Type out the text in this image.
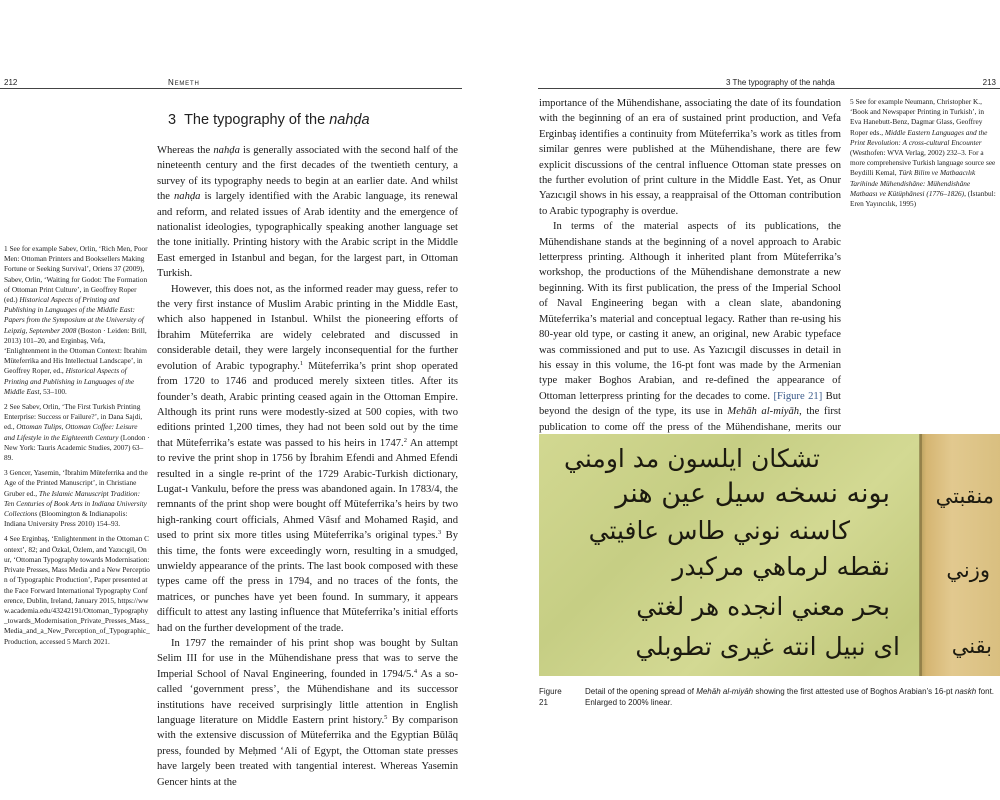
212	Nemeth
3 The typography of the nahḍa

Whereas the nahḍa is generally associated with the second half of the nineteenth century and the first decades of the twentieth century, a survey of its typography needs to begin at an earlier date. And whilst the nahḍa is largely identified with the Arabic language, its renewal and reform, and related issues of Arab identity and the emergence of nationalist ideologies, typographically speaking another language set the tone initially. Printing history with the Arabic script in the Middle East emerged in Istanbul and began, for the largest part, in Ottoman Turkish.

However, this does not, as the informed reader may guess, refer to the very first instance of Muslim Arabic printing in the Middle East, which also happened in Istanbul. Whilst the pioneering efforts of İbrahim Müteferrika are widely celebrated and discussed in considerable detail, they were largely inconsequential for the further evolution of Arabic typography.$^1$ Müteferrika’s print shop operated from 1720 to 1746 and produced merely sixteen titles. After its founder’s death, Arabic printing ceased again in the Ottoman Empire. Although its print runs were modestly-sized at 500 copies, with two editions printed 1,200 times, they had not been sold out by the time that Müteferrika’s estate was passed to his heirs in 1747.$^2$ An attempt to revive the print shop in 1756 by İbrahim Efendi and Ahmed Efendi resulted in a single re-print of the 1729 Arabic-Turkish dictionary, Lugat-ı Vankulu, before the press was abandoned again. In 1783/4, the remnants of the print shop were bought off Müteferrika’s heirs by two high-ranking court officials, Ahmed Vâsıf and Mohamed Raşid, and used to print six more titles using Müteferrika’s original types.$^3$ By this time, the fonts were exceedingly worn, resulting in a smudged, unwieldy appearance of the prints. The last book composed with these types came off the press in 1794, and no traces of the fonts, the matrices, or punches have yet been found. In summary, it appears difficult to attest any lasting influence that Müteferrika’s initial efforts had on the further development of the trade.

In 1797 the remainder of his print shop was bought by Sultan Selim III for use in the Mühendishane press that was to serve the Imperial School of Naval Engineering, founded in 1794/5.$^4$ As a so-called ‘government press’, the Mühendishane and its successor institutions have received surprisingly little attention in English language literature on Middle Eastern print history.$^5$ By comparison with the extensive discussion of Müteferrika and the Egyptian Būlāq press, founded by Meḥmed ‘Ali of Egypt, the Ottoman state presses have largely been treated with tangential interest. Whereas Yasemin Gencer hints at the

1 See for example Sabev, Orlin, ‘Rich Men, Poor Men: Ottoman Printers and Booksellers Making Fortune or Seeking Survival’, Oriens 37 (2009), Sabev, Orlin, ‘Waiting for Godot: The Formation of Ottoman Print Culture’, in Geoffrey Roper (ed.) Historical Aspects of Printing and Publishing in Languages of the Middle East: Papers from the Symposium at the University of Leipzig, September 2008 (Boston · Leiden: Brill, 2013) 101–20, and Erginbaş, Vefa, ‘Enlightenment in the Ottoman Context: İbrahim Müteferrika and His Intellectual Landscape’, in Geoffrey Roper, ed., Historical Aspects of Printing and Publishing in Languages of the Middle East, 53–100.

2 See Sabev, Orlin, ‘The First Turkish Printing Enterprise: Success or Failure?’, in Dana Sajdi, ed., Ottoman Tulips, Ottoman Coffee: Leisure and Lifestyle in the Eighteenth Century (London · New York: Tauris Academic Studies, 2007) 63–89.

3 Gencer, Yasemin, ‘İbrahim Müteferrika and the Age of the Printed Manuscript’, in Christiane Gruber ed., The Islamic Manuscript Tradition: Ten Centuries of Book Arts in Indiana University Collections (Bloomington & Indianapolis: Indiana University Press 2010) 154–93.

4 See Erginbaş, ‘Enlightenment in the Ottoman Context’, 82; and Özkal, Özlem, and Yazıcıgil, Onur, ‘Ottoman Typography towards Modernisation: Private Presses, Mass Media and a New Perception of Typographic Production’, Paper presented at the Face Forward International Typography Conference, Dublin, Ireland, January 2015, https://www.academia.edu/43242191/Ottoman_Typography_towards_Modernisation_Private_Presses_Mass_Media_and_a_New_Perception_of_Typographic_Production, accessed 5 March 2021.

3 The typography of the nahḍa	213

importance of the Mühendishane, associating the date of its foundation with the beginning of an era of sustained print production, and Vefa Erginbaş identifies a continuity from Müteferrika’s work as titles from similar genres were published at the Mühendishane, there are few explicit discussions of the central influence Ottoman state presses on the further evolution of print culture in the Middle East. Yet, as Onur Yazıcıgil shows in his essay, a reappraisal of the Ottoman contribution to Arabic typography is overdue.

In terms of the material aspects of its publications, the Mühendishane stands at the beginning of a novel approach to Arabic letterpress printing. Although it inherited plant from Müteferrika’s workshop, the productions of the Mühendishane demonstrate a new beginning. With its first publication, the press of the Imperial School of Naval Engineering began with a clean slate, abandoning Müteferrika’s material and conceptual legacy. Rather than re-using his 80-year old type, or casting it anew, an original, new Arabic typeface was commissioned and put to use. As Yazıcıgil discusses in detail in his essay in this volume, the 16-pt font was made by the Armenian type maker Boghos Arabian, and re-defined the appearance of Ottoman letterpress printing for the decades to come. [Figure 21] But beyond the design of the type, its use in Mehāh al-miyāh, the first publication to come off the press of the Mühendishane, merits our

5 See for example Neumann, Christopher K., ‘Book and Newspaper Printing in Turkish’, in Eva Hanebutt-Benz, Dagmar Glass, Geoffrey Roper eds., Middle Eastern Languages and the Print Revolution: A cross-cultural Encounter (Westhofen: WVA Verlag, 2002) 232–3. For a more comprehensive Turkish language source see Beydilli Kemal, Türk Bilim ve Matbaacılık Tarihinde Mühendishâne: Mühendishâne Matbaası ve Kütüphânesi (1776–1826), (İstanbul: Eren Yayıncılık, 1995)

تشكان ايلسون مد اومني
بونه نسخه سيل عين هنر
كاسنه نوني طاس عافيتي
نقطه لرماهي مركبدر
بحر معني انجده هر لغتي
اى نبيل انته غيرى تطوبلي
منقبتي
وزني
بقني
Figure 21
Detail of the opening spread of Mehāh al-miyāh showing the first attested use of Boghos Arabian’s 16-pt naskh font. Enlarged to 200% linear.
